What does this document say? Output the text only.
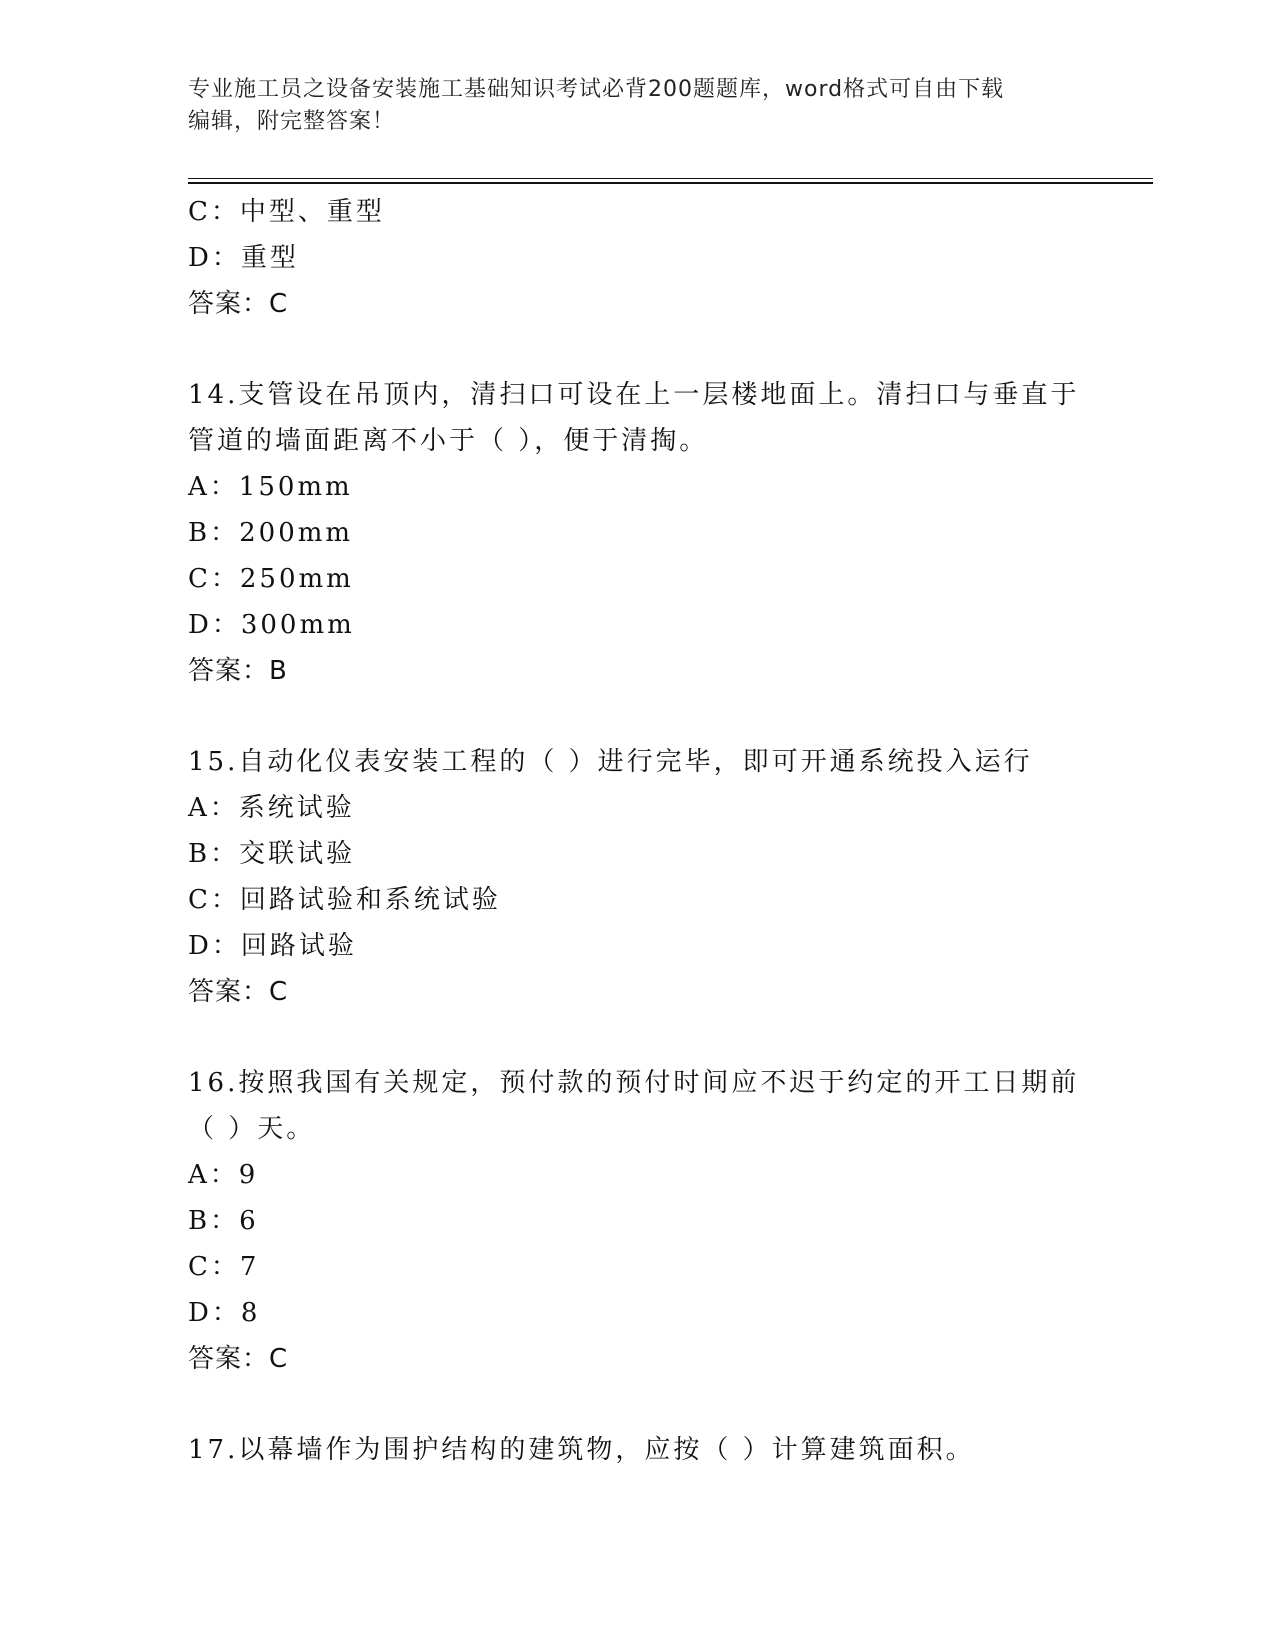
专业施工员之设备安装施工基础知识考试必背200题题库，word格式可自由下载
编辑，附完整答案！
C：中型、重型
D：重型
答案：C
14.支管设在吊顶内，清扫口可设在上一层楼地面上。清扫口与垂直于
管道的墙面距离不小于（ ），便于清掏。
A：150mm
B：200mm
C：250mm
D：300mm
答案：B
15.自动化仪表安装工程的（ ）进行完毕，即可开通系统投入运行
A：系统试验
B：交联试验
C：回路试验和系统试验
D：回路试验
答案：C
16.按照我国有关规定，预付款的预付时间应不迟于约定的开工日期前
（ ）天。
A：9
B：6
C：7
D：8
答案：C
17.以幕墙作为围护结构的建筑物，应按（ ）计算建筑面积。
